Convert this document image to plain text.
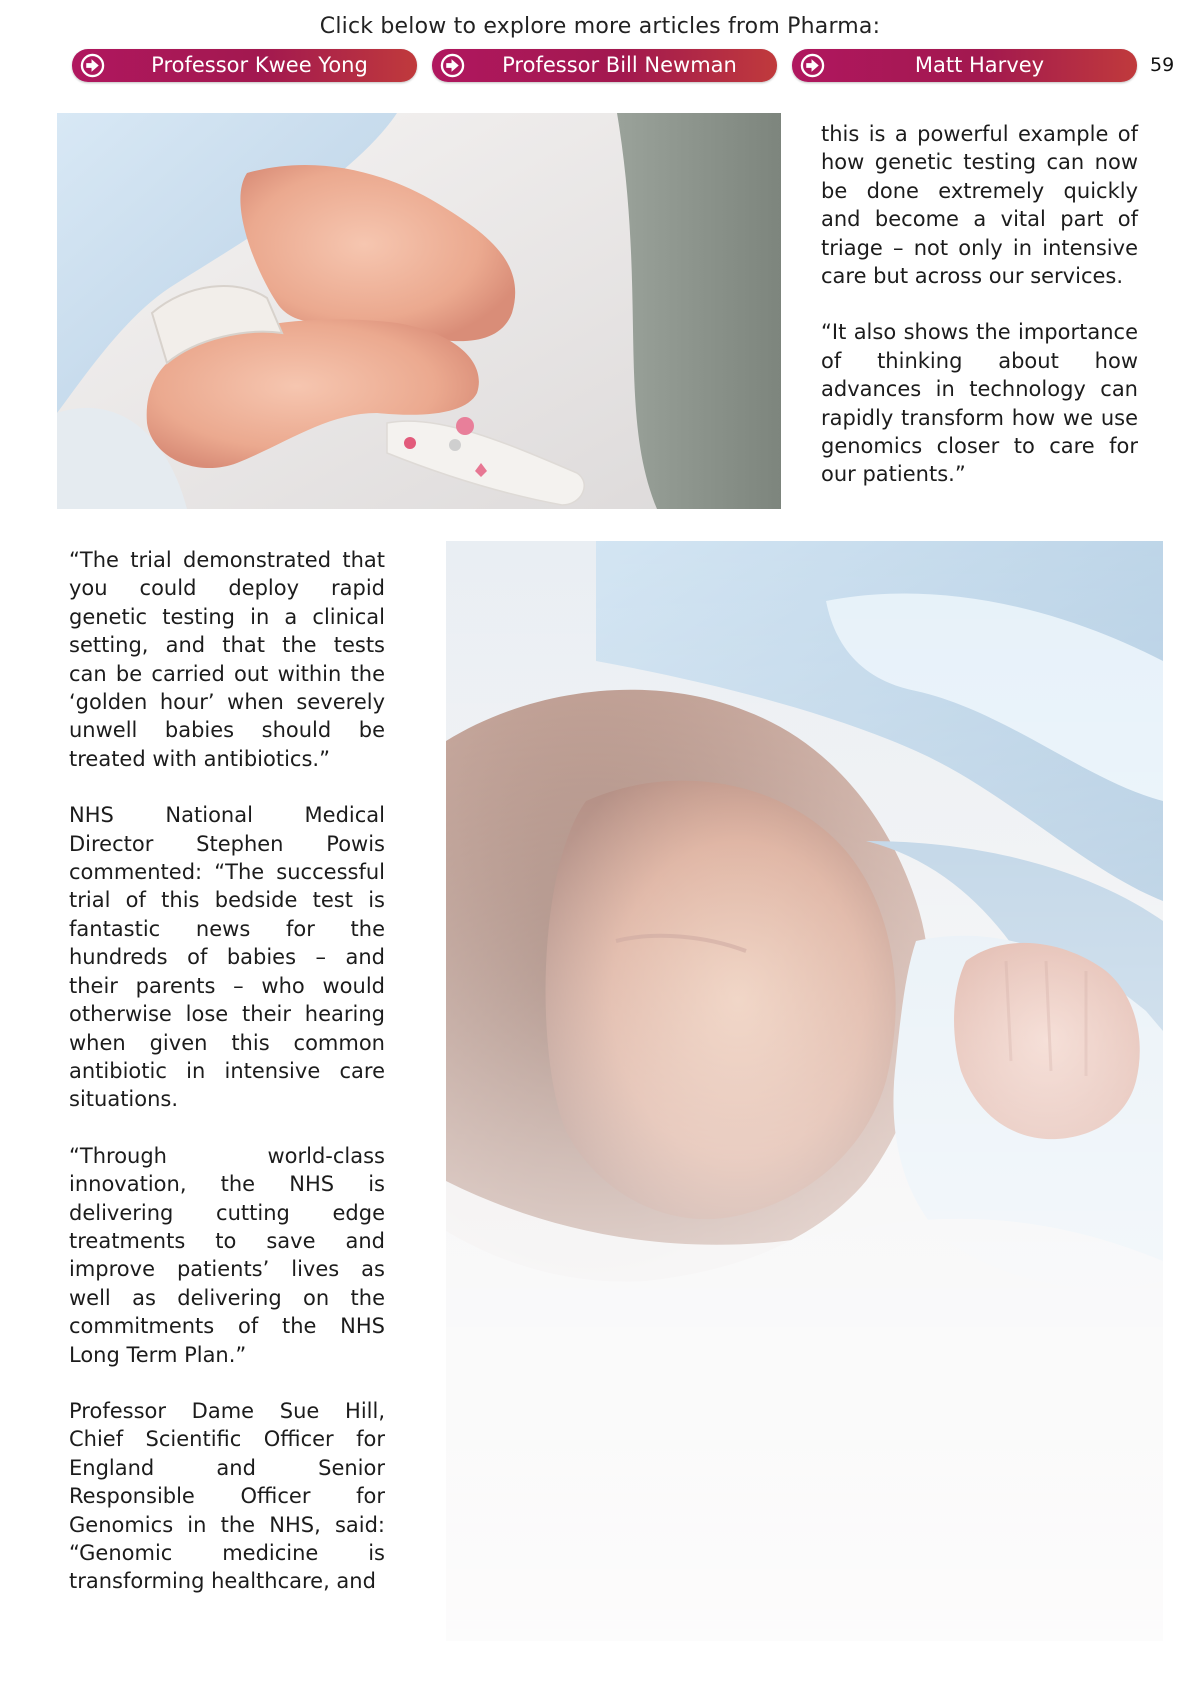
Click below to explore more articles from Pharma:
Professor Kwee Yong	Professor Bill Newman	Matt Harvey	59

this is a powerful example of how genetic testing can now be done extremely quickly and become a vital part of triage – not only in intensive care but across our services.

“It also shows the importance of thinking about how advances in technology can rapidly transform how we use genomics closer to care for our patients.”

“The trial demonstrated that you could deploy rapid genetic testing in a clinical setting, and that the tests can be carried out within the ‘golden hour’ when severely unwell babies should be treated with antibiotics.”

NHS National Medical Director Stephen Powis commented: “The successful trial of this bedside test is fantastic news for the hundreds of babies – and their parents – who would otherwise lose their hearing when given this common antibiotic in intensive care situations.

“Through world-class innovation, the NHS is delivering cutting edge treatments to save and improve patients’ lives as well as delivering on the commitments of the NHS Long Term Plan.”

Professor Dame Sue Hill, Chief Scientific Officer for England and Senior Responsible Officer for Genomics in the NHS, said: “Genomic medicine is transforming healthcare, and
